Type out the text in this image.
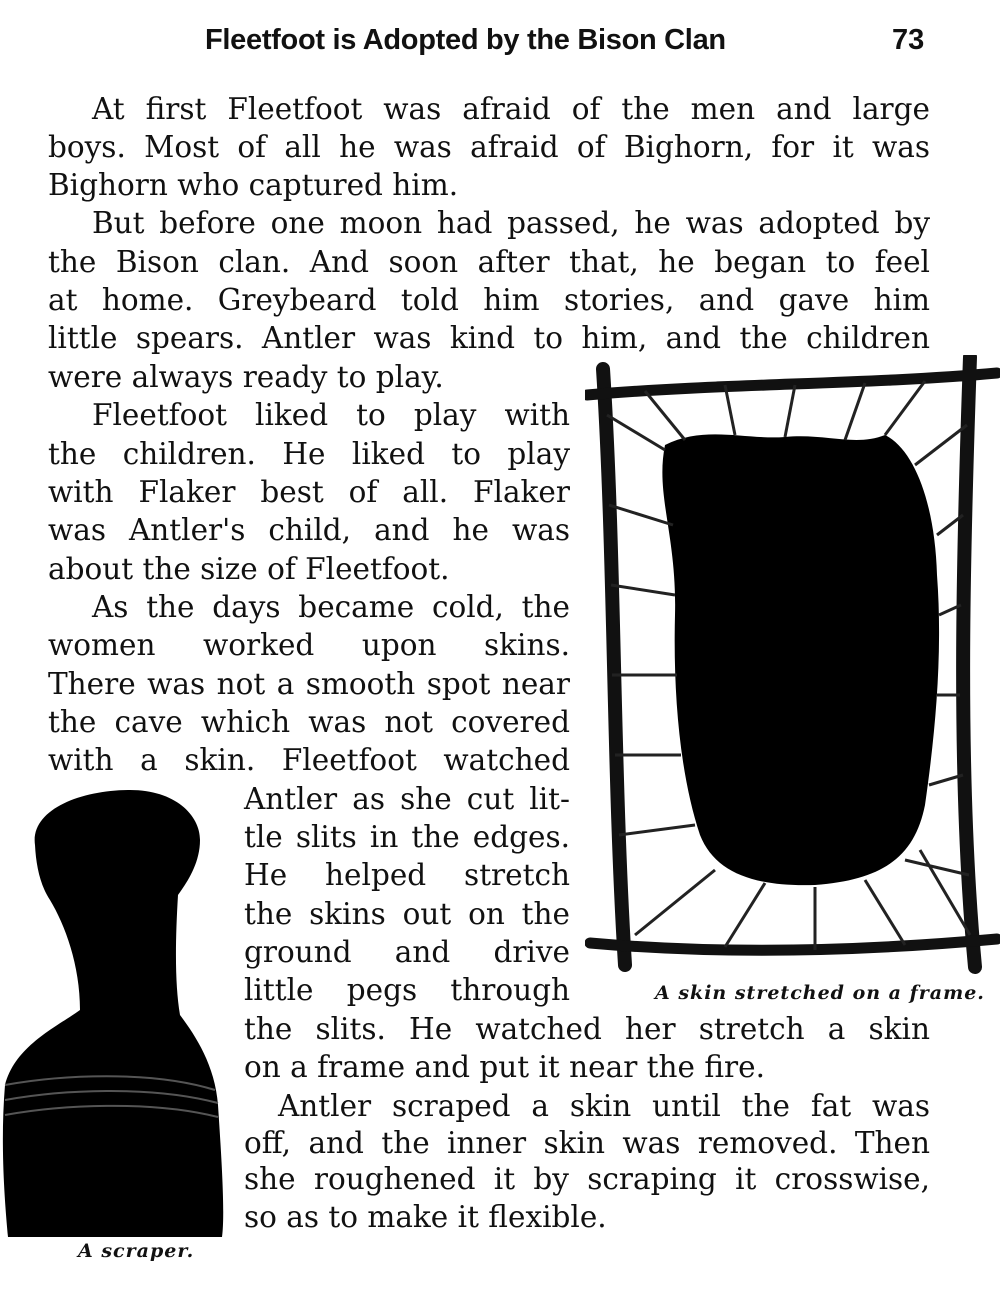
Fleetfoot is Adopted by the Bison Clan	73
At first Fleetfoot was afraid of the men and large
boys. Most of all he was afraid of Bighorn, for it was
Bighorn who captured him.
But before one moon had passed, he was adopted by
the Bison clan. And soon after that, he began to feel
at home. Greybeard told him stories, and gave him
little spears. Antler was kind to him, and the children
were always ready to play.
Fleetfoot liked to play with
the children. He liked to play
with Flaker best of all. Flaker
was Antler's child, and he was
about the size of Fleetfoot.
As the days became cold, the
women worked upon skins.
There was not a smooth spot near
the cave which was not covered
with a skin. Fleetfoot watched
Antler as she cut lit-
tle slits in the edges.
He helped stretch
the skins out on the
ground and drive
little pegs through
the slits. He watched her stretch a skin
on a frame and put it near the fire.
Antler scraped a skin until the fat was
off, and the inner skin was removed. Then
she roughened it by scraping it crosswise,
so as to make it flexible.
A skin stretched on a frame.
A scraper.
